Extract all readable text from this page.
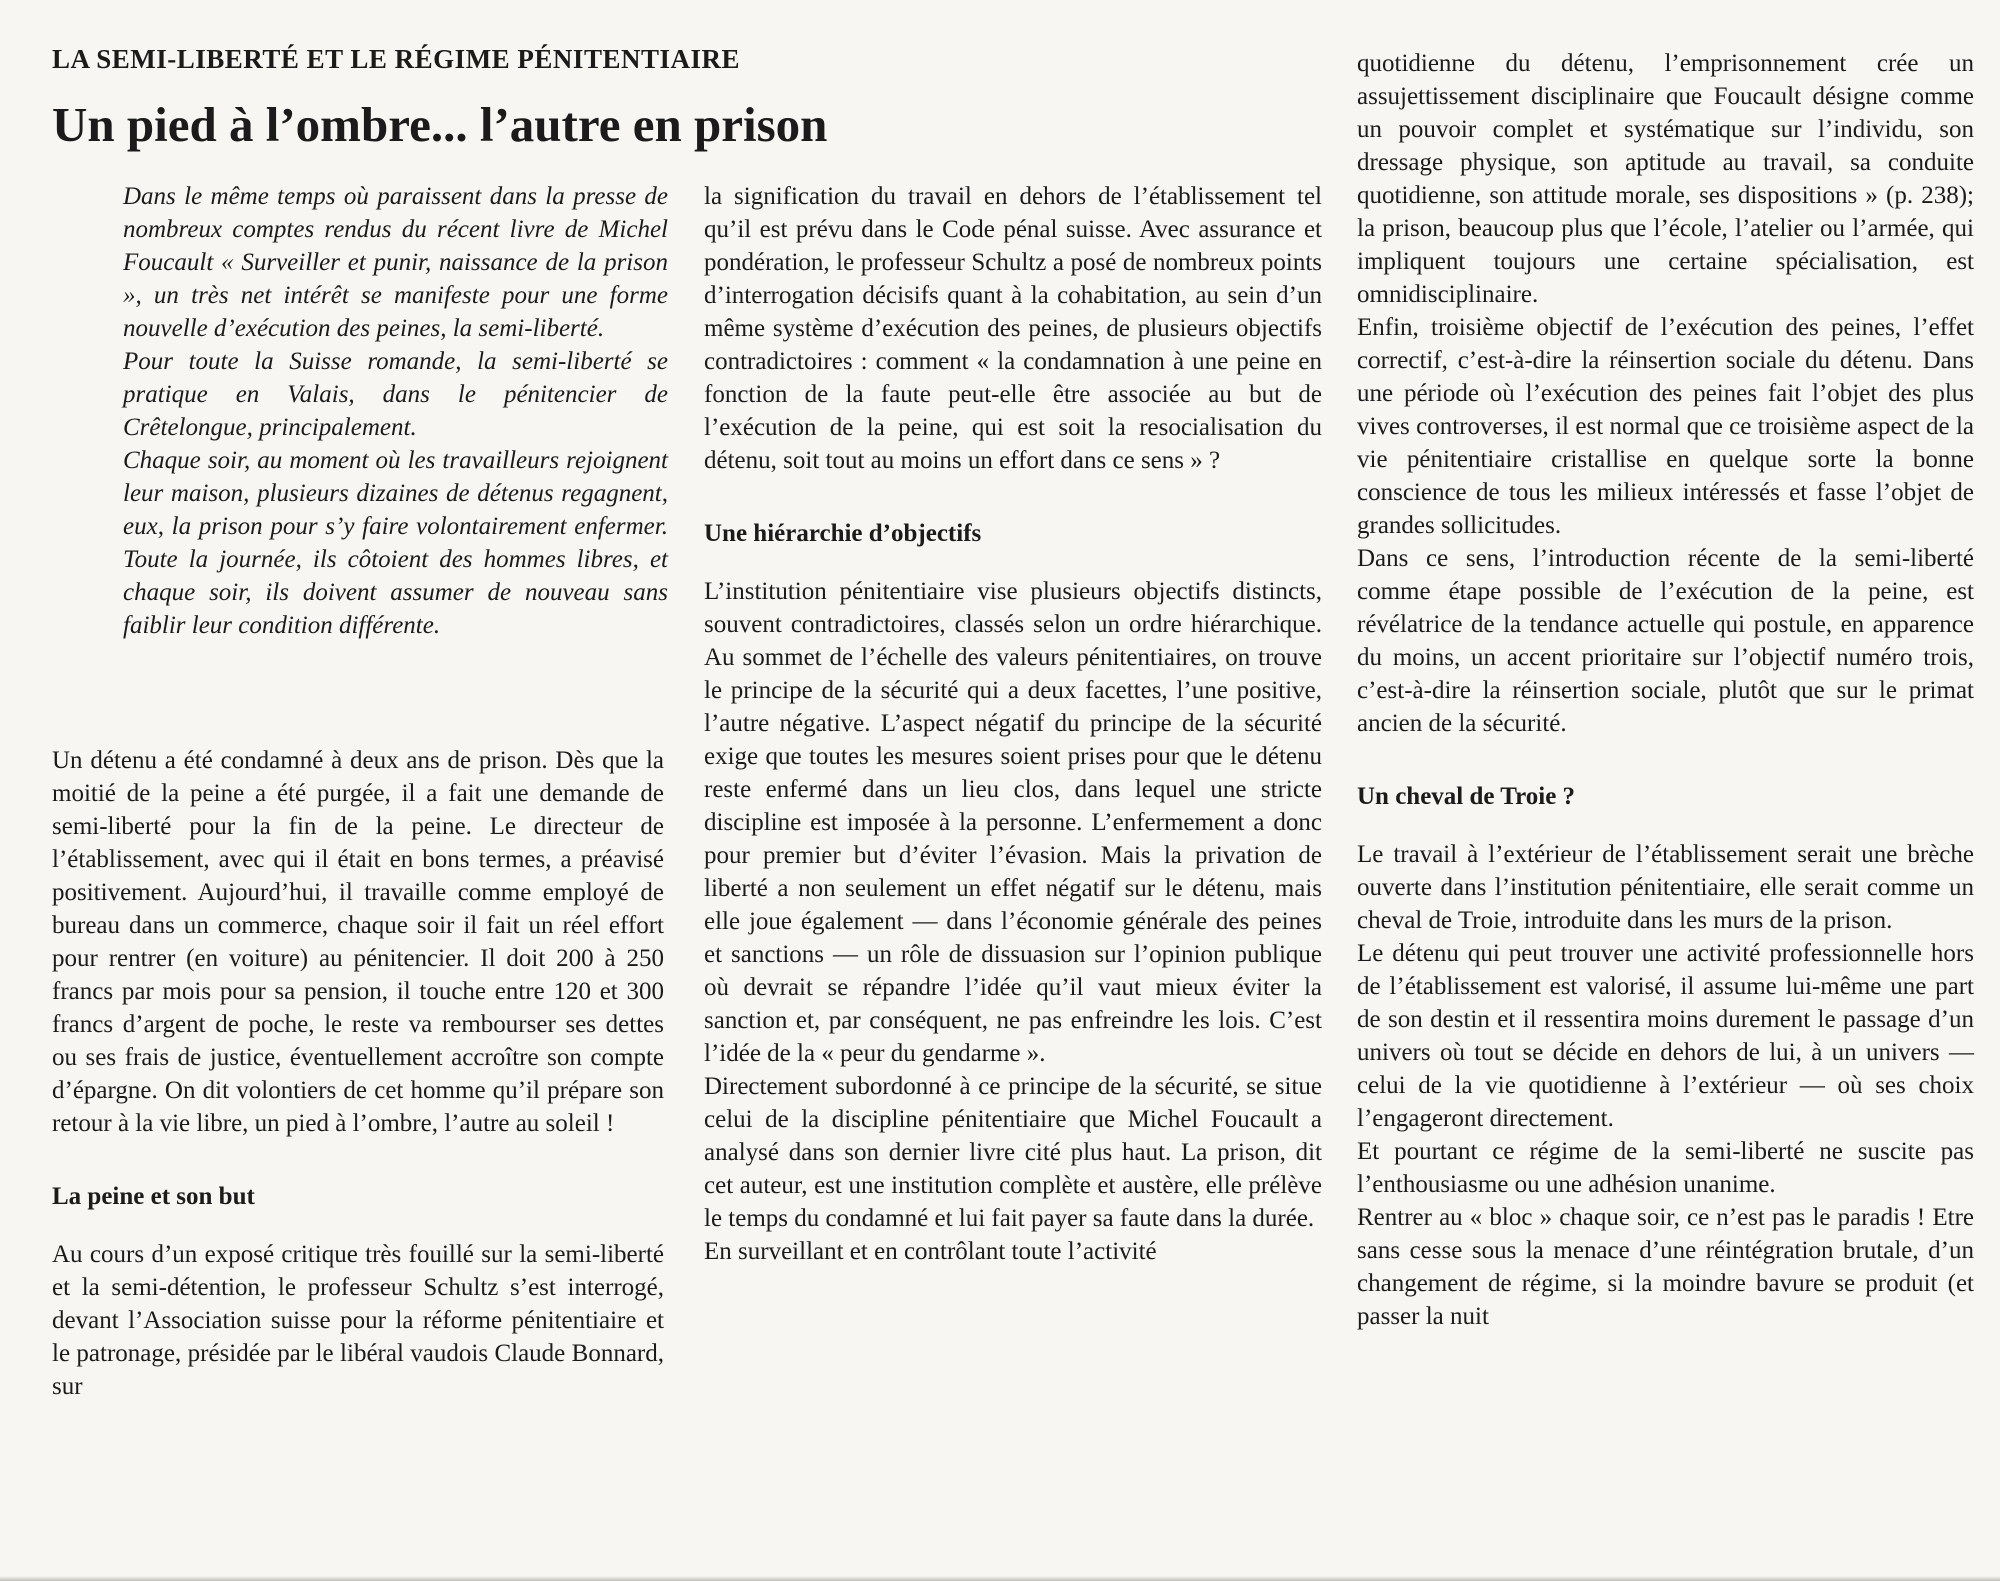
LA SEMI-LIBERTÉ ET LE RÉGIME PÉNITENTIAIRE
Un pied à l’ombre... l’autre en prison

Dans le même temps où paraissent dans la presse de nombreux comptes rendus du récent livre de Michel Foucault « Surveiller et punir, naissance de la prison », un très net intérêt se manifeste pour une forme nouvelle d’exécution des peines, la semi-liberté.

Pour toute la Suisse romande, la semi-liberté se pratique en Valais, dans le pénitencier de Crêtelongue, principalement.

Chaque soir, au moment où les travailleurs rejoignent leur maison, plusieurs dizaines de détenus regagnent, eux, la prison pour s’y faire volontairement enfermer. Toute la journée, ils côtoient des hommes libres, et chaque soir, ils doivent assumer de nouveau sans faiblir leur condition différente.

Un détenu a été condamné à deux ans de prison. Dès que la moitié de la peine a été purgée, il a fait une demande de semi-liberté pour la fin de la peine. Le directeur de l’établissement, avec qui il était en bons termes, a préavisé positivement. Aujourd’hui, il travaille comme employé de bureau dans un commerce, chaque soir il fait un réel effort pour rentrer (en voiture) au pénitencier. Il doit 200 à 250 francs par mois pour sa pension, il touche entre 120 et 300 francs d’argent de poche, le reste va rembourser ses dettes ou ses frais de justice, éventuellement accroître son compte d’épargne. On dit volontiers de cet homme qu’il prépare son retour à la vie libre, un pied à l’ombre, l’autre au soleil !

La peine et son but

Au cours d’un exposé critique très fouillé sur la semi-liberté et la semi-détention, le professeur Schultz s’est interrogé, devant l’Association suisse pour la réforme pénitentiaire et le patronage, présidée par le libéral vaudois Claude Bonnard, sur

la signification du travail en dehors de l’établissement tel qu’il est prévu dans le Code pénal suisse. Avec assurance et pondération, le professeur Schultz a posé de nombreux points d’interrogation décisifs quant à la cohabitation, au sein d’un même système d’exécution des peines, de plusieurs objectifs contradictoires : comment « la condamnation à une peine en fonction de la faute peut-elle être associée au but de l’exécution de la peine, qui est soit la resocialisation du détenu, soit tout au moins un effort dans ce sens » ?

Une hiérarchie d’objectifs

L’institution pénitentiaire vise plusieurs objectifs distincts, souvent contradictoires, classés selon un ordre hiérarchique. Au sommet de l’échelle des valeurs pénitentiaires, on trouve le principe de la sécurité qui a deux facettes, l’une positive, l’autre négative. L’aspect négatif du principe de la sécurité exige que toutes les mesures soient prises pour que le détenu reste enfermé dans un lieu clos, dans lequel une stricte discipline est imposée à la personne. L’enfermement a donc pour premier but d’éviter l’évasion. Mais la privation de liberté a non seulement un effet négatif sur le détenu, mais elle joue également — dans l’économie générale des peines et sanctions — un rôle de dissuasion sur l’opinion publique où devrait se répandre l’idée qu’il vaut mieux éviter la sanction et, par conséquent, ne pas enfreindre les lois. C’est l’idée de la « peur du gendarme ».

Directement subordonné à ce principe de la sécurité, se situe celui de la discipline pénitentiaire que Michel Foucault a analysé dans son dernier livre cité plus haut. La prison, dit cet auteur, est une institution complète et austère, elle prélève le temps du condamné et lui fait payer sa faute dans la durée.

En surveillant et en contrôlant toute l’activité

quotidienne du détenu, l’emprisonnement crée un assujettissement disciplinaire que Foucault désigne comme un pouvoir complet et systématique sur l’individu, son dressage physique, son aptitude au travail, sa conduite quotidienne, son attitude morale, ses dispositions » (p. 238); la prison, beaucoup plus que l’école, l’atelier ou l’armée, qui impliquent toujours une certaine spécialisation, est omnidisciplinaire.

Enfin, troisième objectif de l’exécution des peines, l’effet correctif, c’est-à-dire la réinsertion sociale du détenu. Dans une période où l’exécution des peines fait l’objet des plus vives controverses, il est normal que ce troisième aspect de la vie pénitentiaire cristallise en quelque sorte la bonne conscience de tous les milieux intéressés et fasse l’objet de grandes sollicitudes.

Dans ce sens, l’introduction récente de la semi-liberté comme étape possible de l’exécution de la peine, est révélatrice de la tendance actuelle qui postule, en apparence du moins, un accent prioritaire sur l’objectif numéro trois, c’est-à-dire la réinsertion sociale, plutôt que sur le primat ancien de la sécurité.

Un cheval de Troie ?

Le travail à l’extérieur de l’établissement serait une brèche ouverte dans l’institution pénitentiaire, elle serait comme un cheval de Troie, introduite dans les murs de la prison.

Le détenu qui peut trouver une activité professionnelle hors de l’établissement est valorisé, il assume lui-même une part de son destin et il ressentira moins durement le passage d’un univers où tout se décide en dehors de lui, à un univers — celui de la vie quotidienne à l’extérieur — où ses choix l’engageront directement.

Et pourtant ce régime de la semi-liberté ne suscite pas l’enthousiasme ou une adhésion unanime.

Rentrer au « bloc » chaque soir, ce n’est pas le paradis ! Etre sans cesse sous la menace d’une réintégration brutale, d’un changement de régime, si la moindre bavure se produit (et passer la nuit
